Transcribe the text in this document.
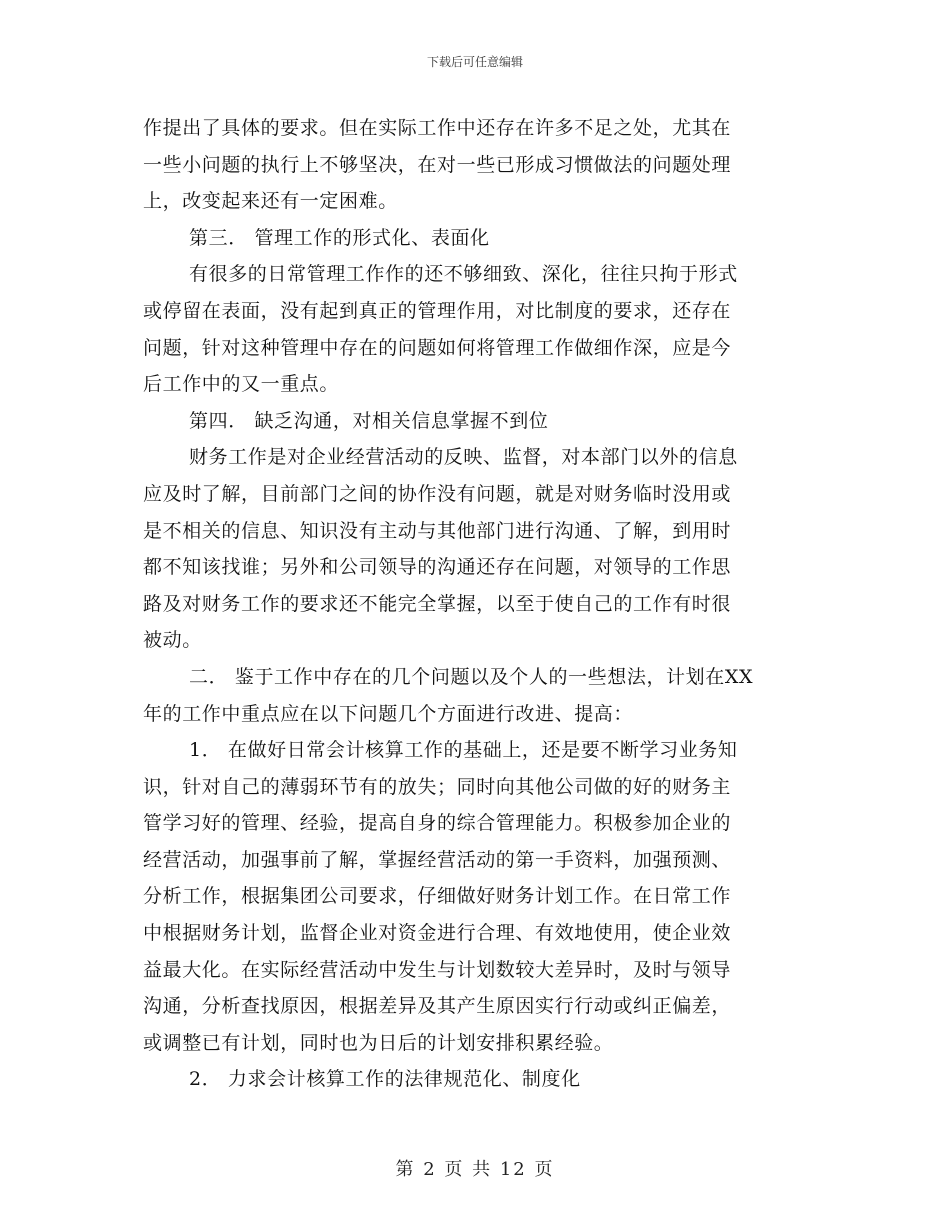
下载后可任意编辑
作提出了具体的要求。但在实际工作中还存在许多不足之处，尤其在
一些小问题的执行上不够坚决，在对一些已形成习惯做法的问题处理
上，改变起来还有一定困难。
第三． 管理工作的形式化、表面化
有很多的日常管理工作作的还不够细致、深化，往往只拘于形式
或停留在表面，没有起到真正的管理作用，对比制度的要求，还存在
问题，针对这种管理中存在的问题如何将管理工作做细作深，应是今
后工作中的又一重点。
第四． 缺乏沟通，对相关信息掌握不到位
财务工作是对企业经营活动的反映、监督，对本部门以外的信息
应及时了解，目前部门之间的协作没有问题，就是对财务临时没用或
是不相关的信息、知识没有主动与其他部门进行沟通、了解，到用时
都不知该找谁；另外和公司领导的沟通还存在问题，对领导的工作思
路及对财务工作的要求还不能完全掌握，以至于使自己的工作有时很
被动。
二． 鉴于工作中存在的几个问题以及个人的一些想法，计划在XX
年的工作中重点应在以下问题几个方面进行改进、提高：
1． 在做好日常会计核算工作的基础上，还是要不断学习业务知
识，针对自己的薄弱环节有的放失；同时向其他公司做的好的财务主
管学习好的管理、经验，提高自身的综合管理能力。积极参加企业的
经营活动，加强事前了解，掌握经营活动的第一手资料，加强预测、
分析工作，根据集团公司要求，仔细做好财务计划工作。在日常工作
中根据财务计划，监督企业对资金进行合理、有效地使用，使企业效
益最大化。在实际经营活动中发生与计划数较大差异时，及时与领导
沟通，分析查找原因，根据差异及其产生原因实行行动或纠正偏差，
或调整已有计划，同时也为日后的计划安排积累经验。
2． 力求会计核算工作的法律规范化、制度化
第 2 页 共 12 页
